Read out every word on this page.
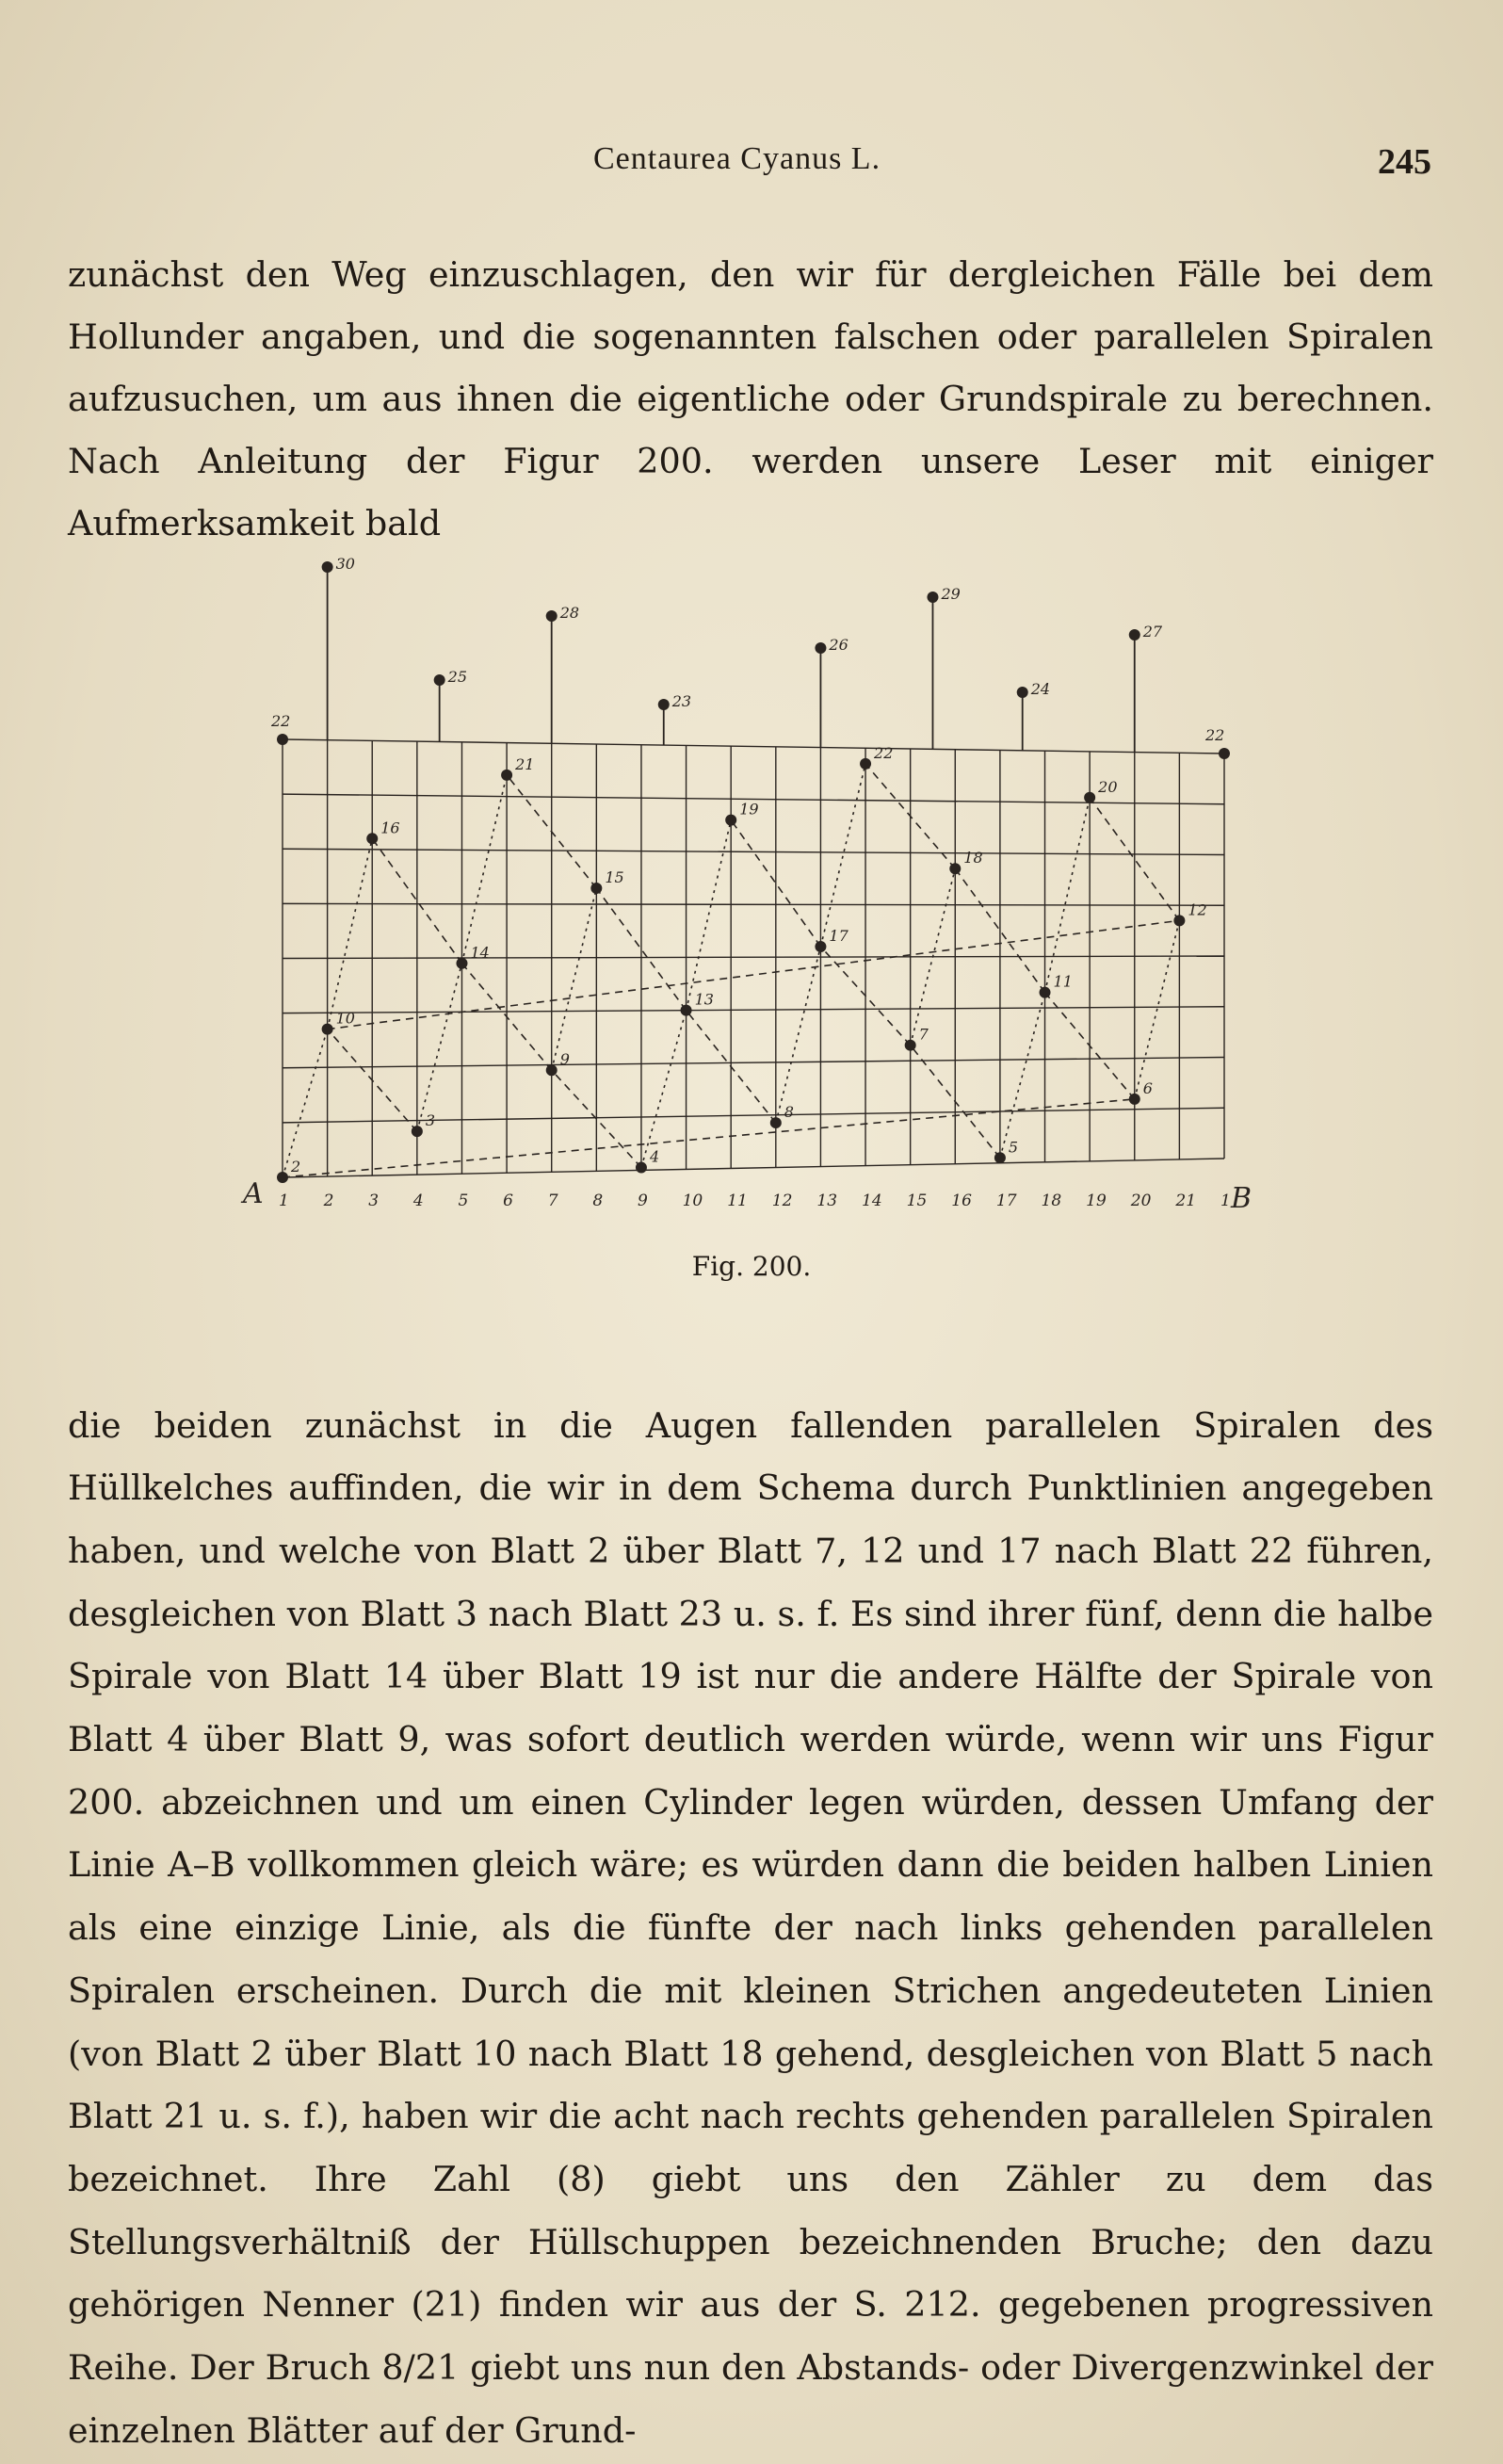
Centaurea Cyanus L.	245

zunächst den Weg einzuschlagen, den wir für dergleichen Fälle bei dem Hollunder angaben, und die sogenannten falschen oder parallelen Spiralen aufzusuchen, um aus ihnen die eigentliche oder Grundspirale zu berechnen. Nach Anleitung der Figur 200. werden unsere Leser mit einiger Aufmerksamkeit bald

2
4
5
3	8
6
9
7
10
13
11
14
17
12
15
18
16
19
20
21
22
22
22
30
25
28
23
26
29
24
27
1 2 3 4 5 6 7 8 9 10 11 12 13 14 15 16 17 18 19 20 21 1
A	B
Fig. 200.

die beiden zunächst in die Augen fallenden parallelen Spiralen des Hüllkelches auffinden, die wir in dem Schema durch Punktlinien angegeben haben, und welche von Blatt 2 über Blatt 7, 12 und 17 nach Blatt 22 führen, desgleichen von Blatt 3 nach Blatt 23 u. s. f. Es sind ihrer fünf, denn die halbe Spirale von Blatt 14 über Blatt 19 ist nur die andere Hälfte der Spirale von Blatt 4 über Blatt 9, was sofort deutlich werden würde, wenn wir uns Figur 200. abzeichnen und um einen Cylinder legen würden, dessen Umfang der Linie A–B vollkommen gleich wäre; es würden dann die beiden halben Linien als eine einzige Linie, als die fünfte der nach links gehenden parallelen Spiralen erscheinen. Durch die mit kleinen Strichen angedeuteten Linien (von Blatt 2 über Blatt 10 nach Blatt 18 gehend, desgleichen von Blatt 5 nach Blatt 21 u. s. f.), haben wir die acht nach rechts gehenden parallelen Spiralen bezeichnet. Ihre Zahl (8) giebt uns den Zähler zu dem das Stellungsverhältniß der Hüllschuppen bezeichnenden Bruche; den dazu gehörigen Nenner (21) finden wir aus der S. 212. gegebenen progressiven Reihe. Der Bruch 8/21 giebt uns nun den Abstands- oder Divergenzwinkel der einzelnen Blätter auf der Grund-
